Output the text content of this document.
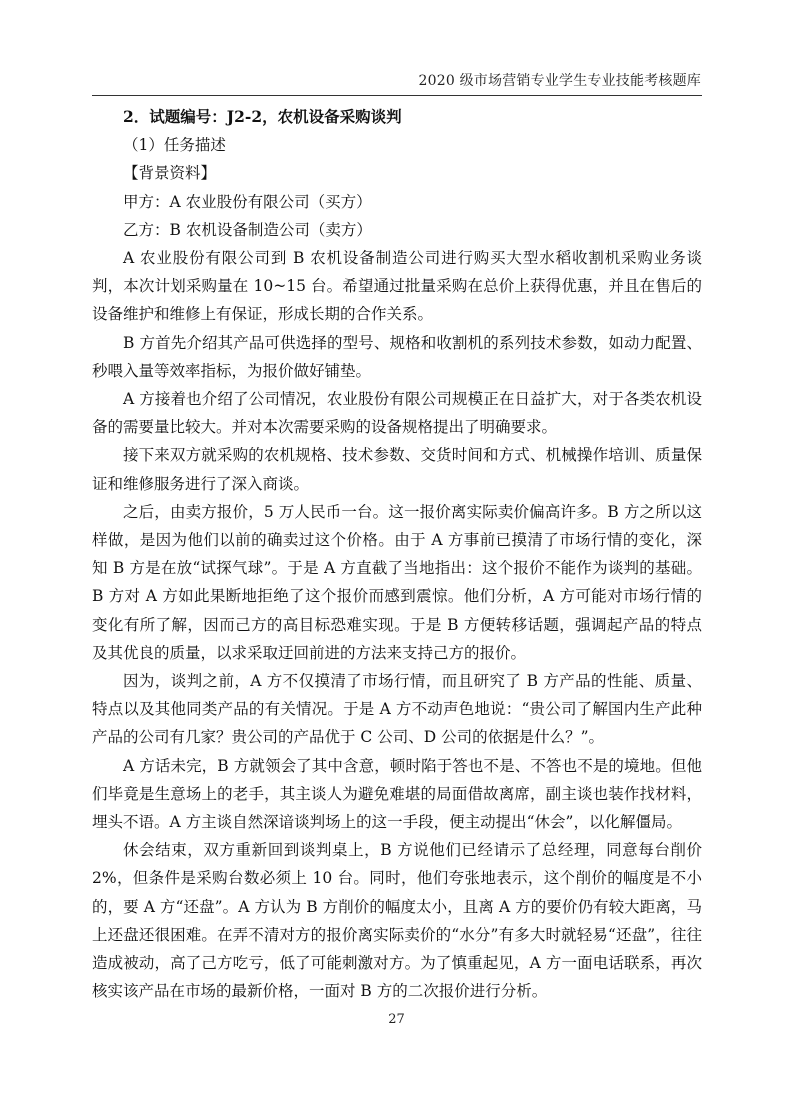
2020 级市场营销专业学生专业技能考核题库
2．试题编号：J2-2，农机设备采购谈判
（1）任务描述
【背景资料】
甲方：A 农业股份有限公司（买方）
乙方：B 农机设备制造公司（卖方）

A 农业股份有限公司到 B 农机设备制造公司进行购买大型水稻收割机采购业务谈判，本次计划采购量在 10~15 台。希望通过批量采购在总价上获得优惠，并且在售后的设备维护和维修上有保证，形成长期的合作关系。

B 方首先介绍其产品可供选择的型号、规格和收割机的系列技术参数，如动力配置、秒喂入量等效率指标，为报价做好铺垫。

A 方接着也介绍了公司情况，农业股份有限公司规模正在日益扩大，对于各类农机设备的需要量比较大。并对本次需要采购的设备规格提出了明确要求。

接下来双方就采购的农机规格、技术参数、交货时间和方式、机械操作培训、质量保证和维修服务进行了深入商谈。

之后，由卖方报价，5 万人民币一台。这一报价离实际卖价偏高许多。B 方之所以这样做，是因为他们以前的确卖过这个价格。由于 A 方事前已摸清了市场行情的变化，深知 B 方是在放“试探气球”。于是 A 方直截了当地指出：这个报价不能作为谈判的基础。B 方对 A 方如此果断地拒绝了这个报价而感到震惊。他们分析，A 方可能对市场行情的变化有所了解，因而己方的高目标恐难实现。于是 B 方便转移话题，强调起产品的特点及其优良的质量，以求采取迂回前进的方法来支持己方的报价。

因为，谈判之前，A 方不仅摸清了市场行情，而且研究了 B 方产品的性能、质量、特点以及其他同类产品的有关情况。于是 A 方不动声色地说：“贵公司了解国内生产此种产品的公司有几家？贵公司的产品优于 C 公司、D 公司的依据是什么？”。

A 方话未完，B 方就领会了其中含意，顿时陷于答也不是、不答也不是的境地。但他们毕竟是生意场上的老手，其主谈人为避免难堪的局面借故离席，副主谈也装作找材料，埋头不语。A 方主谈自然深谙谈判场上的这一手段，便主动提出“休会”，以化解僵局。

休会结束，双方重新回到谈判桌上，B 方说他们已经请示了总经理，同意每台削价 2%，但条件是采购台数必须上 10 台。同时，他们夸张地表示，这个削价的幅度是不小的，要 A 方“还盘”。A 方认为 B 方削价的幅度太小，且离 A 方的要价仍有较大距离，马上还盘还很困难。在弄不清对方的报价离实际卖价的“水分”有多大时就轻易“还盘”，往往造成被动，高了己方吃亏，低了可能刺激对方。为了慎重起见，A 方一面电话联系，再次核实该产品在市场的最新价格，一面对 B 方的二次报价进行分析。

27
